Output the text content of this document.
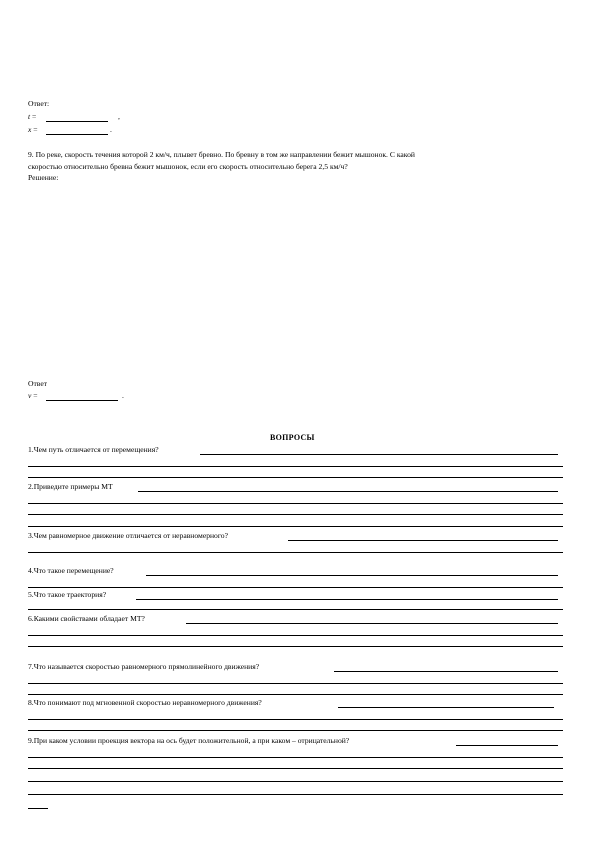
Ответ:
t =	,
x =	.
9. По реке, скорость течения которой 2 км/ч, плывет бревно. По бревну в том же направлении бежит мышонок. С какой
скоростью относительно бревна бежит мышонок, если его скорость относительно берега 2,5 км/ч?
Решение:
Ответ
v =	.
ВОПРОСЫ
1.Чем путь отличается от перемещения?
2.Приведите примеры МТ
3.Чем равномерное движение отличается от неравномерного?
4.Что такое перемещение?
5.Что такое траектория?
6.Какими свойствами обладает МТ?
7.Что называется скоростью равномерного прямолинейного движения?
8.Что понимают под мгновенной скоростью неравномерного движения?
9.При каком условии проекция вектора на ось будет положительной, а при каком – отрицательной?
